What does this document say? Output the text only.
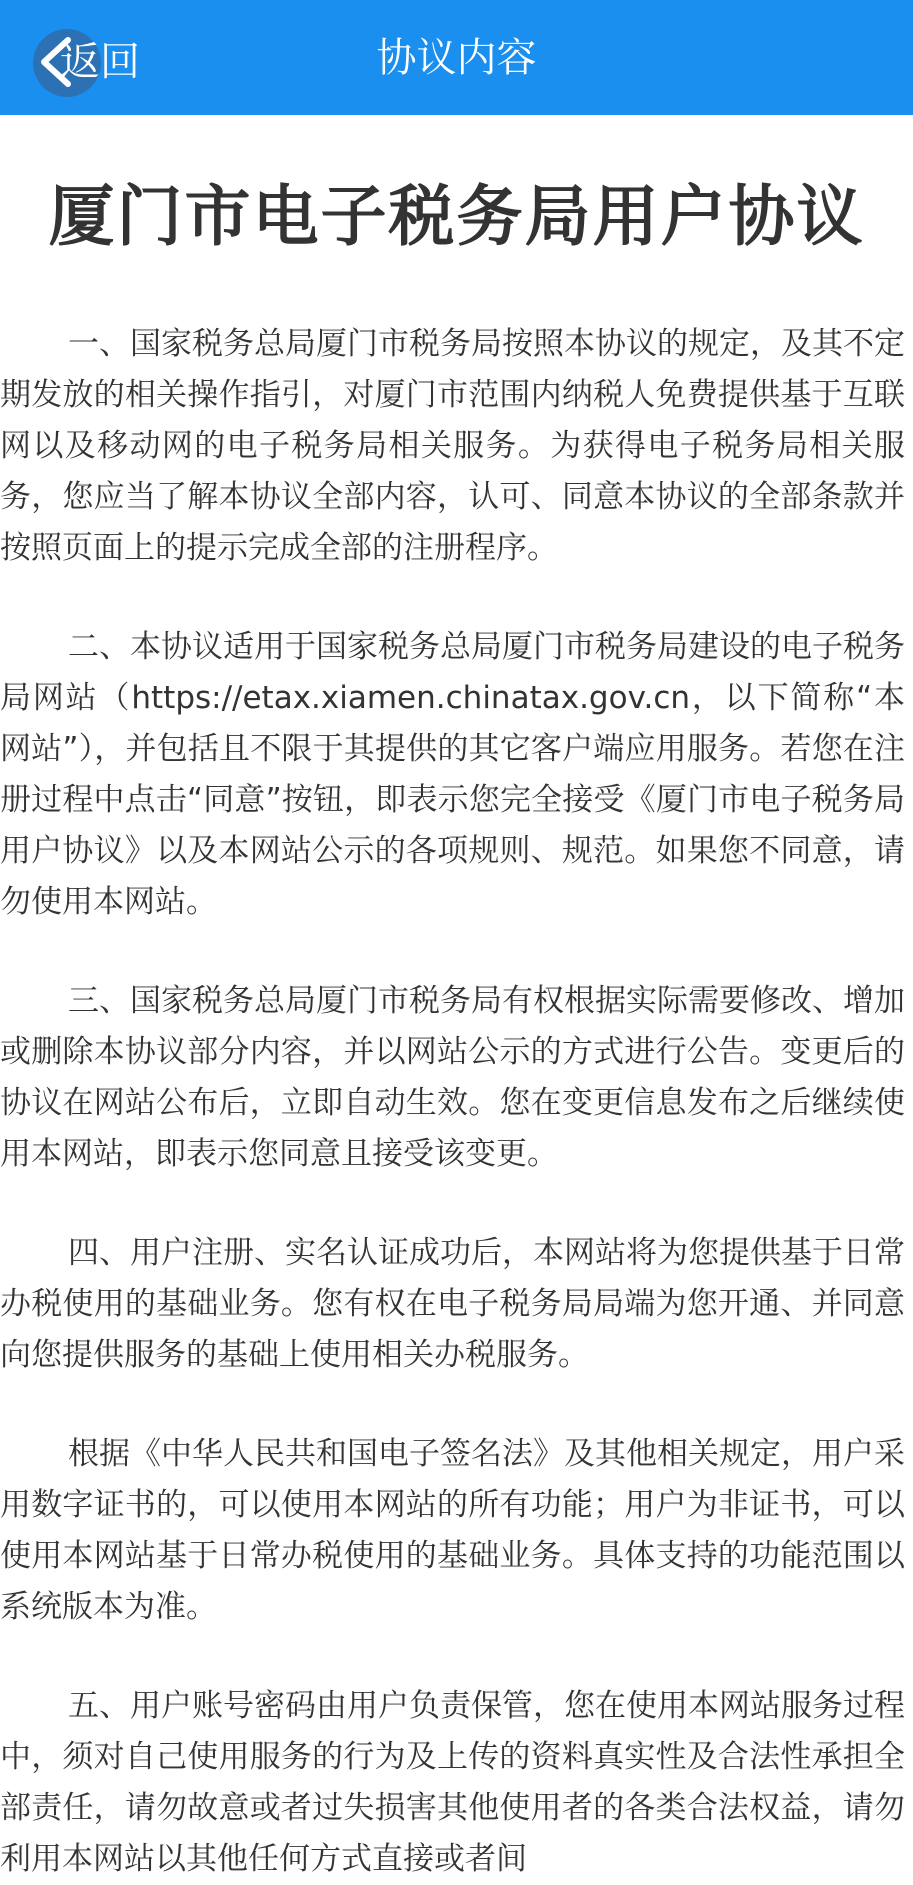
返回	协议内容
厦门市电子税务局用户协议

一、国家税务总局厦门市税务局按照本协议的规定，及其不定期发放的相关操作指引，对厦门市范围内纳税人免费提供基于互联网以及移动网的电子税务局相关服务。为获得电子税务局相关服务，您应当了解本协议全部内容，认可、同意本协议的全部条款并按照页面上的提示完成全部的注册程序。

二、本协议适用于国家税务总局厦门市税务局建设的电子税务局网站（https://etax.xiamen.chinatax.gov.cn，以下简称“本网站”），并包括且不限于其提供的其它客户端应用服务。若您在注册过程中点击“同意”按钮，即表示您完全接受《厦门市电子税务局用户协议》以及本网站公示的各项规则、规范。如果您不同意，请勿使用本网站。

三、国家税务总局厦门市税务局有权根据实际需要修改、增加或删除本协议部分内容，并以网站公示的方式进行公告。变更后的协议在网站公布后，立即自动生效。您在变更信息发布之后继续使用本网站，即表示您同意且接受该变更。

四、用户注册、实名认证成功后，本网站将为您提供基于日常办税使用的基础业务。您有权在电子税务局局端为您开通、并同意向您提供服务的基础上使用相关办税服务。

根据《中华人民共和国电子签名法》及其他相关规定，用户采用数字证书的，可以使用本网站的所有功能；用户为非证书，可以使用本网站基于日常办税使用的基础业务。具体支持的功能范围以系统版本为准。

五、用户账号密码由用户负责保管，您在使用本网站服务过程中，须对自己使用服务的行为及上传的资料真实性及合法性承担全部责任，请勿故意或者过失损害其他使用者的各类合法权益，请勿利用本网站以其他任何方式直接或者间
